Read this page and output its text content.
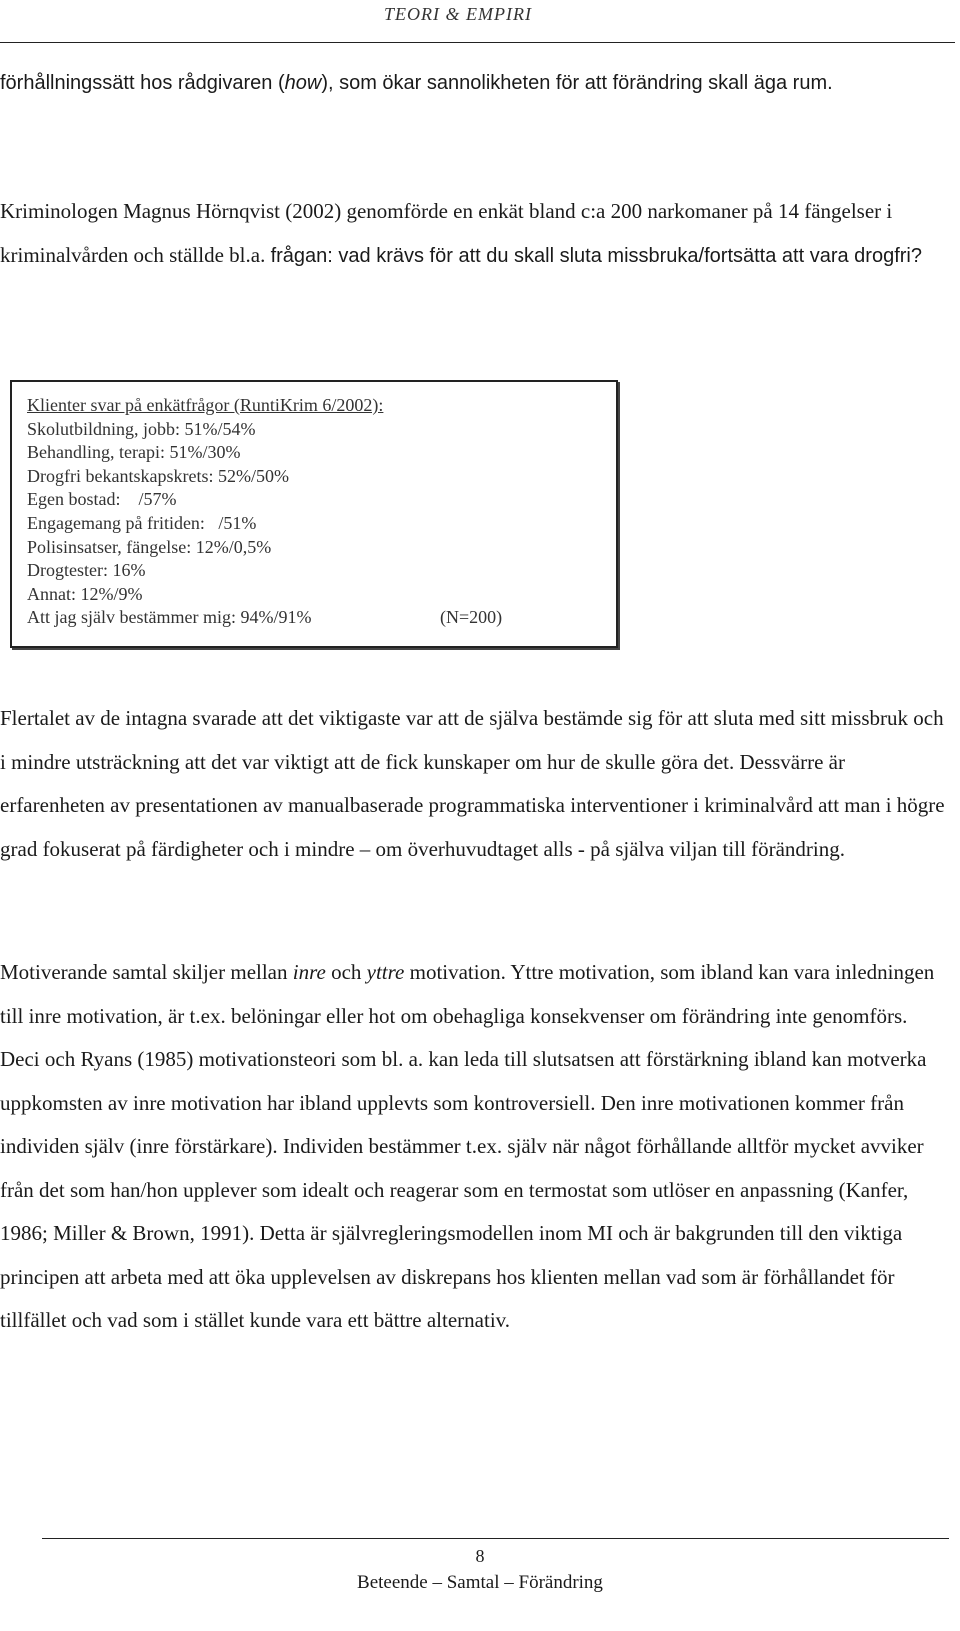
TEORI & EMPIRI

förhållningssätt hos rådgivaren (how), som ökar sannolikheten för att förändring skall äga rum.

Kriminologen Magnus Hörnqvist (2002) genomförde en enkät bland c:a 200 narkomaner på 14 fängelser i kriminalvården och ställde bl.a. frågan: vad krävs för att du skall sluta missbruka/fortsätta att vara drogfri?

Klienter svar på enkätfrågor (RuntiKrim 6/2002):
Skolutbildning, jobb: 51%/54%
Behandling, terapi: 51%/30%
Drogfri bekantskapskrets: 52%/50%
Egen bostad:    /57%
Engagemang på fritiden:   /51%
Polisinsatser, fängelse: 12%/0,5%
Drogtester: 16%
Annat: 12%/9%
Att jag själv bestämmer mig: 94%/91%	(N=200)

Flertalet av de intagna svarade att det viktigaste var att de själva bestämde sig för att sluta med sitt missbruk och i mindre utsträckning att det var viktigt att de fick kunskaper om hur de skulle göra det. Dessvärre är erfarenheten av presentationen av manualbaserade programmatiska interventioner i kriminalvård att man i högre grad fokuserat på färdigheter och i mindre – om överhuvudtaget alls - på själva viljan till förändring.

Motiverande samtal skiljer mellan inre och yttre motivation. Yttre motivation, som ibland kan vara inledningen till inre motivation, är t.ex. belöningar eller hot om obehagliga konsekvenser om förändring inte genomförs. Deci och Ryans (1985) motivationsteori som bl. a. kan leda till slutsatsen att förstärkning ibland kan motverka uppkomsten av inre motivation har ibland upplevts som kontroversiell. Den inre motivationen kommer från individen själv (inre förstärkare). Individen bestämmer t.ex. själv när något förhållande alltför mycket avviker från det som han/hon upplever som idealt och reagerar som en termostat som utlöser en anpassning (Kanfer, 1986; Miller & Brown, 1991). Detta är självregleringsmodellen inom MI och är bakgrunden till den viktiga principen att arbeta med att öka upplevelsen av diskrepans hos klienten mellan vad som är förhållandet för tillfället och vad som i stället kunde vara ett bättre alternativ.

8
Beteende – Samtal – Förändring
